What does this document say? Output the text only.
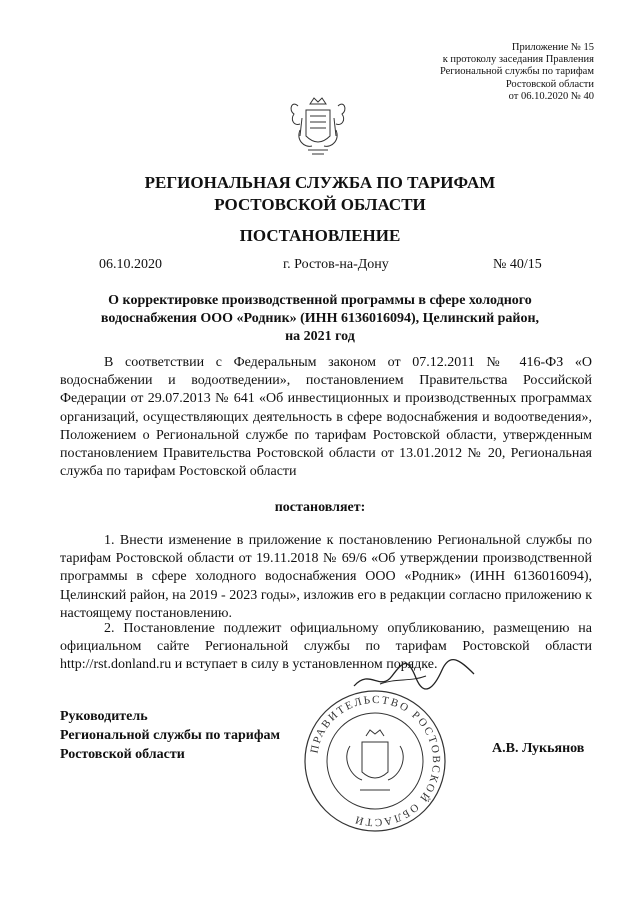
Приложение № 15
к протоколу заседания Правления
Региональной службы по тарифам
Ростовской области
от 06.10.2020 № 40
РЕГИОНАЛЬНАЯ СЛУЖБА ПО ТАРИФАМ
РОСТОВСКОЙ ОБЛАСТИ
ПОСТАНОВЛЕНИЕ
06.10.2020	г. Ростов-на-Дону	№ 40/15
О корректировке производственной программы в сфере холодного
водоснабжения ООО «Родник» (ИНН 6136016094), Целинский район,
на 2021 год

В соответствии с Федеральным законом от 07.12.2011 № 416-ФЗ «О водоснабжении и водоотведении», постановлением Правительства Российской Федерации от 29.07.2013 № 641 «Об инвестиционных и производственных программах организаций, осуществляющих деятельность в сфере водоснабжения и водоотведения», Положением о Региональной службе по тарифам Ростовской области, утвержденным постановлением Правительства Ростовской области от 13.01.2012 № 20, Региональная служба по тарифам Ростовской области

постановляет:

1. Внести изменение в приложение к постановлению Региональной службы по тарифам Ростовской области от 19.11.2018 № 69/6 «Об утверждении производственной программы в сфере холодного водоснабжения ООО «Родник» (ИНН 6136016094), Целинский район, на 2019 - 2023 годы», изложив его в редакции согласно приложению к настоящему постановлению.

2. Постановление подлежит официальному опубликованию, размещению на официальном сайте Региональной службы по тарифам Ростовской области http://rst.donland.ru и вступает в силу в установленном порядке.

Руководитель
Региональной службы по тарифам
Ростовской области	ПРАВИТЕЛЬСТВО РОСТОВСКОЙ ОБЛАСТИ
А.В. Лукьянов
